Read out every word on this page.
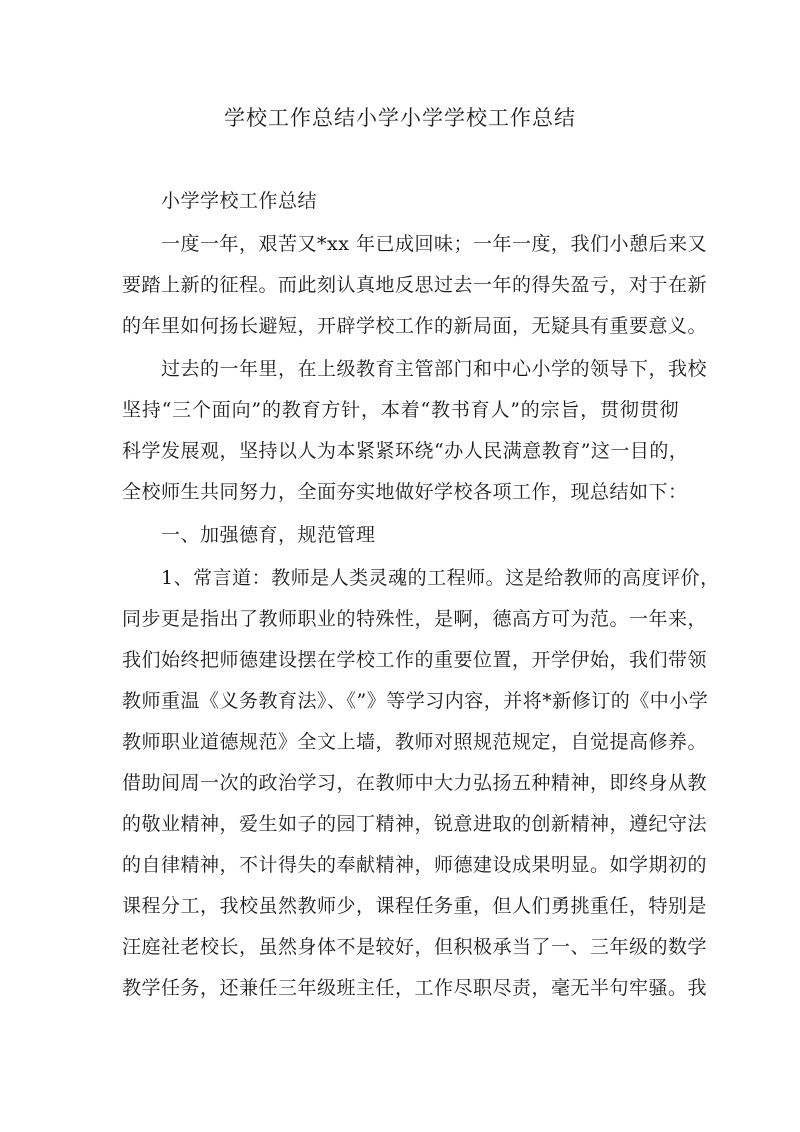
学校工作总结小学小学学校工作总结
小学学校工作总结
一度一年，艰苦又*xx 年已成回味；一年一度，我们小憩后来又
要踏上新的征程。而此刻认真地反思过去一年的得失盈亏，对于在新
的年里如何扬长避短，开辟学校工作的新局面，无疑具有重要意义。
过去的一年里，在上级教育主管部门和中心小学的领导下，我校
坚持“三个面向”的教育方针，本着“教书育人”的宗旨，贯彻贯彻
科学发展观，坚持以人为本紧紧环绕“办人民满意教育”这一目的，
全校师生共同努力，全面夯实地做好学校各项工作，现总结如下：
一、加强德育，规范管理
1、常言道：教师是人类灵魂的工程师。这是给教师的高度评价，
同步更是指出了教师职业的特殊性，是啊，德高方可为范。一年来，
我们始终把师德建设摆在学校工作的重要位置，开学伊始，我们带领
教师重温《义务教育法》、《”》等学习内容，并将*新修订的《中小学
教师职业道德规范》全文上墙，教师对照规范规定，自觉提高修养。
借助间周一次的政治学习，在教师中大力弘扬五种精神，即终身从教
的敬业精神，爱生如子的园丁精神，锐意进取的创新精神，遵纪守法
的自律精神，不计得失的奉献精神，师德建设成果明显。如学期初的
课程分工，我校虽然教师少，课程任务重，但人们勇挑重任，特别是
汪庭社老校长，虽然身体不是较好，但积极承当了一、三年级的数学
教学任务，还兼任三年级班主任，工作尽职尽责，毫无半句牢骚。我
